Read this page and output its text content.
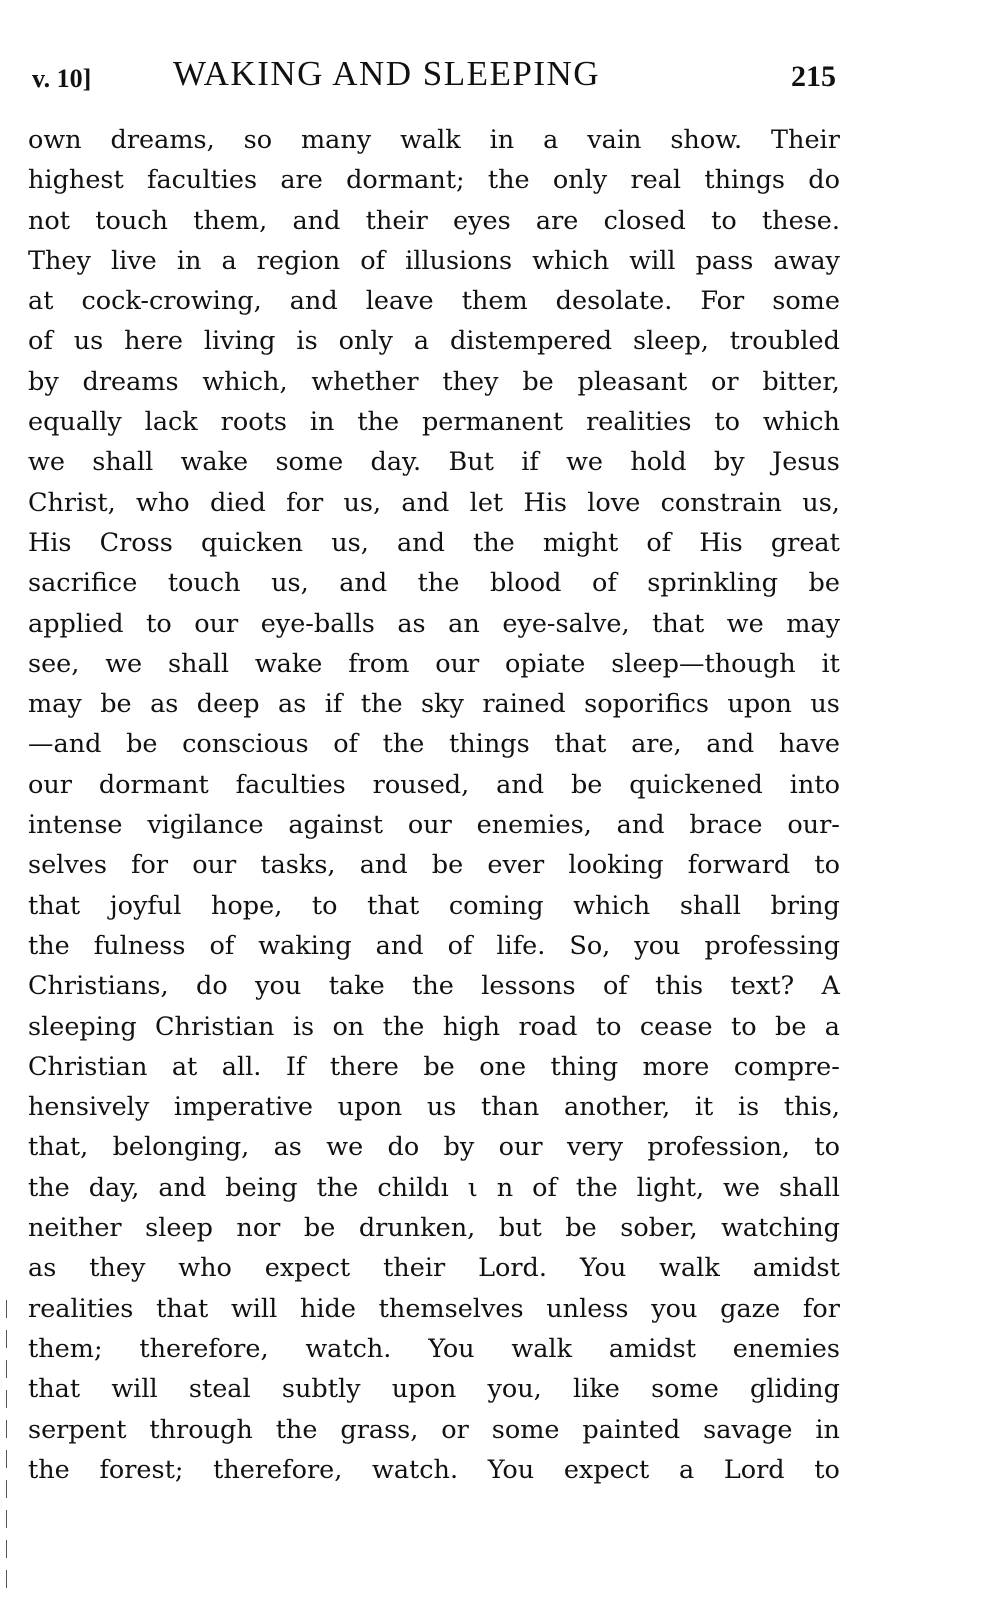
v. 10] WAKING AND SLEEPING	215
own dreams, so many walk in a vain show. Their
highest faculties are dormant; the only real things do
not touch them, and their eyes are closed to these.
They live in a region of illusions which will pass away
at cock-crowing, and leave them desolate. For some
of us here living is only a distempered sleep, troubled
by dreams which, whether they be pleasant or bitter,
equally lack roots in the permanent realities to which
we shall wake some day. But if we hold by Jesus
Christ, who died for us, and let His love constrain us,
His Cross quicken us, and the might of His great
sacrifice touch us, and the blood of sprinkling be
applied to our eye-balls as an eye-salve, that we may
see, we shall wake from our opiate sleep—though it
may be as deep as if the sky rained soporifics upon us
—and be conscious of the things that are, and have
our dormant faculties roused, and be quickened into
intense vigilance against our enemies, and brace our-
selves for our tasks, and be ever looking forward to
that joyful hope, to that coming which shall bring
the fulness of waking and of life. So, you professing
Christians, do you take the lessons of this text? A
sleeping Christian is on the high road to cease to be a
Christian at all. If there be one thing more compre-
hensively imperative upon us than another, it is this,
that, belonging, as we do by our very profession, to
the day, and being the childı ι n of the light, we shall
neither sleep nor be drunken, but be sober, watching
as they who expect their Lord. You walk amidst
realities that will hide themselves unless you gaze for
them; therefore, watch. You walk amidst enemies
that will steal subtly upon you, like some gliding
serpent through the grass, or some painted savage in
the forest; therefore, watch. You expect a Lord to
